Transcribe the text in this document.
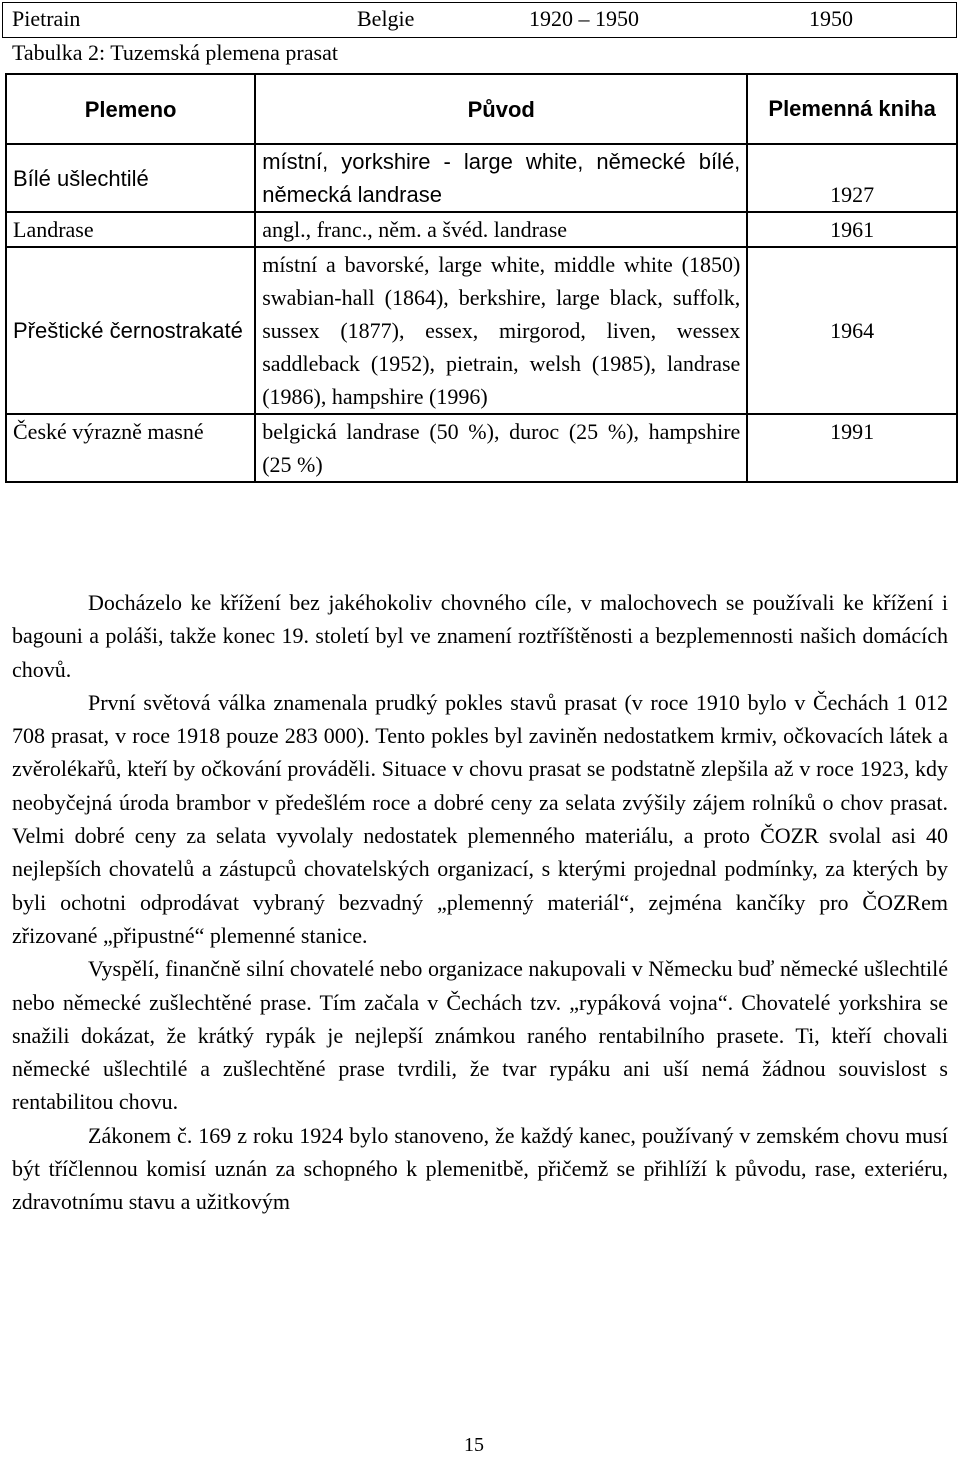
Pietrain	Belgie	1920 – 1950	1950
Tabulka 2: Tuzemská plemena prasat
Plemeno	Původ	Plemenná kniha
Bílé ušlechtilé	místní, yorkshire - large white, německé bílé, německá landrase	1927
Landrase	angl., franc., něm. a švéd. landrase	1961
Přeštické černostrakaté	místní a bavorské, large white, middle white (1850) swabian-hall (1864), berkshire, large black, suffolk, sussex (1877), essex, mirgorod, liven, wessex saddleback (1952), pietrain, welsh (1985), landrase (1986), hampshire (1996)	1964
České výrazně masné	belgická landrase (50 %), duroc (25 %), hampshire (25 %)	1991

Docházelo ke křížení bez jakéhokoliv chovného cíle, v malochovech se používali ke křížení i bagouni a poláši, takže konec 19. století byl ve znamení roztříštěnosti a bezplemennosti našich domácích chovů.

První světová válka znamenala prudký pokles stavů prasat (v roce 1910 bylo v Čechách 1 012 708 prasat, v roce 1918 pouze 283 000). Tento pokles byl zaviněn nedostatkem krmiv, očkovacích látek a zvěrolékařů, kteří by očkování prováděli. Situace v chovu prasat se podstatně zlepšila až v roce 1923, kdy neobyčejná úroda brambor v předešlém roce a dobré ceny za selata zvýšily zájem rolníků o chov prasat. Velmi dobré ceny za selata vyvolaly nedostatek plemenného materiálu, a proto ČOZR svolal asi 40 nejlepších chovatelů a zástupců chovatelských organizací, s kterými projednal podmínky, za kterých by byli ochotni odprodávat vybraný bezvadný „plemenný materiál“, zejména kančíky pro ČOZRem zřizované „připustné“ plemenné stanice.

Vyspělí, finančně silní chovatelé nebo organizace nakupovali v Německu buď německé ušlechtilé nebo německé zušlechtěné prase. Tím začala v Čechách tzv. „rypáková vojna“. Chovatelé yorkshira se snažili dokázat, že krátký rypák je nejlepší známkou raného rentabilního prasete. Ti, kteří chovali německé ušlechtilé a zušlechtěné prase tvrdili, že tvar rypáku ani uší nemá žádnou souvislost s rentabilitou chovu.

Zákonem č. 169 z roku 1924 bylo stanoveno, že každý kanec, používaný v zemském chovu musí být tříčlennou komisí uznán za schopného k plemenitbě, přičemž se přihlíží k původu, rase, exteriéru, zdravotnímu stavu a užitkovým

15
